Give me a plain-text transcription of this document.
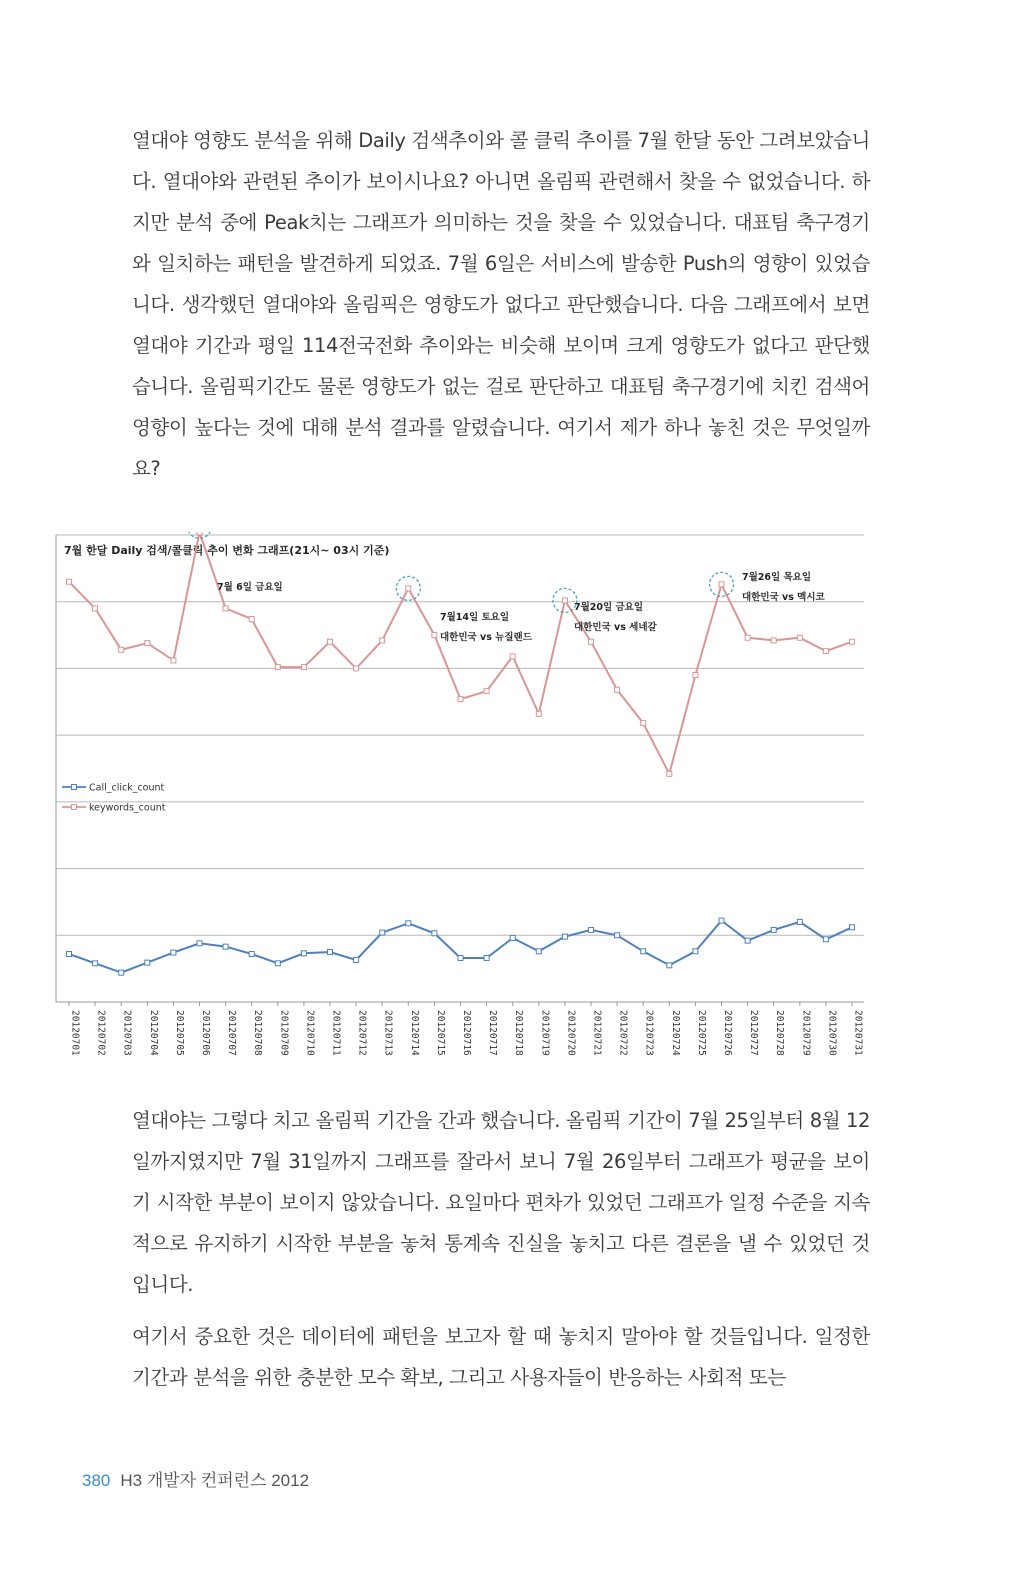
열대야 영향도 분석을 위해 Daily 검색추이와 콜 클릭 추이를 7월 한달 동안 그려보았습니다. 열대야와 관련된 추이가 보이시나요? 아니면 올림픽 관련해서 찾을 수 없었습니다. 하지만 분석 중에 Peak치는 그래프가 의미하는 것을 찾을 수 있었습니다. 대표팀 축구경기와 일치하는 패턴을 발견하게 되었죠. 7월 6일은 서비스에 발송한 Push의 영향이 있었습니다. 생각했던 열대야와 올림픽은 영향도가 없다고 판단했습니다. 다음 그래프에서 보면 열대야 기간과 평일 114전국전화 추이와는 비슷해 보이며 크게 영향도가 없다고 판단했습니다. 올림픽기간도 물론 영향도가 없는 걸로 판단하고 대표팀 축구경기에 치킨 검색어 영향이 높다는 것에 대해 분석 결과를 알렸습니다. 여기서 제가 하나 놓친 것은 무엇일까요?

7월 한달 Daily 검색/콜클릭 추이 변화 그래프(21시~ 03시 기준)
20120701 20120702 20120703 20120704 20120705 20120706 20120707 20120708 20120709 20120710 20120711 20120712 20120713 20120714 20120715 20120716 20120717 20120718 20120719 20120720 20120721 20120722 20120723 20120724 20120725 20120726 20120727 20120728 20120729 20120730 20120731
7월 6일 금요일
7월14일 토요일
대한민국 vs 뉴질랜드
7월20일 금요일
대한민국 vs 세네갈
7월26일 목요일
대한민국 vs 멕시코
Call_click_count
keywords_count

열대야는 그렇다 치고 올림픽 기간을 간과 했습니다. 올림픽 기간이 7월 25일부터 8월 12일까지였지만 7월 31일까지 그래프를 잘라서 보니 7월 26일부터 그래프가 평균을 보이기 시작한 부분이 보이지 않았습니다. 요일마다 편차가 있었던 그래프가 일정 수준을 지속적으로 유지하기 시작한 부분을 놓쳐 통계속 진실을 놓치고 다른 결론을 낼 수 있었던 것입니다.

여기서 중요한 것은 데이터에 패턴을 보고자 할 때 놓치지 말아야 할 것들입니다. 일정한 기간과 분석을 위한 충분한 모수 확보, 그리고 사용자들이 반응하는 사회적 또는

380 H3 개발자 컨퍼런스 2012
